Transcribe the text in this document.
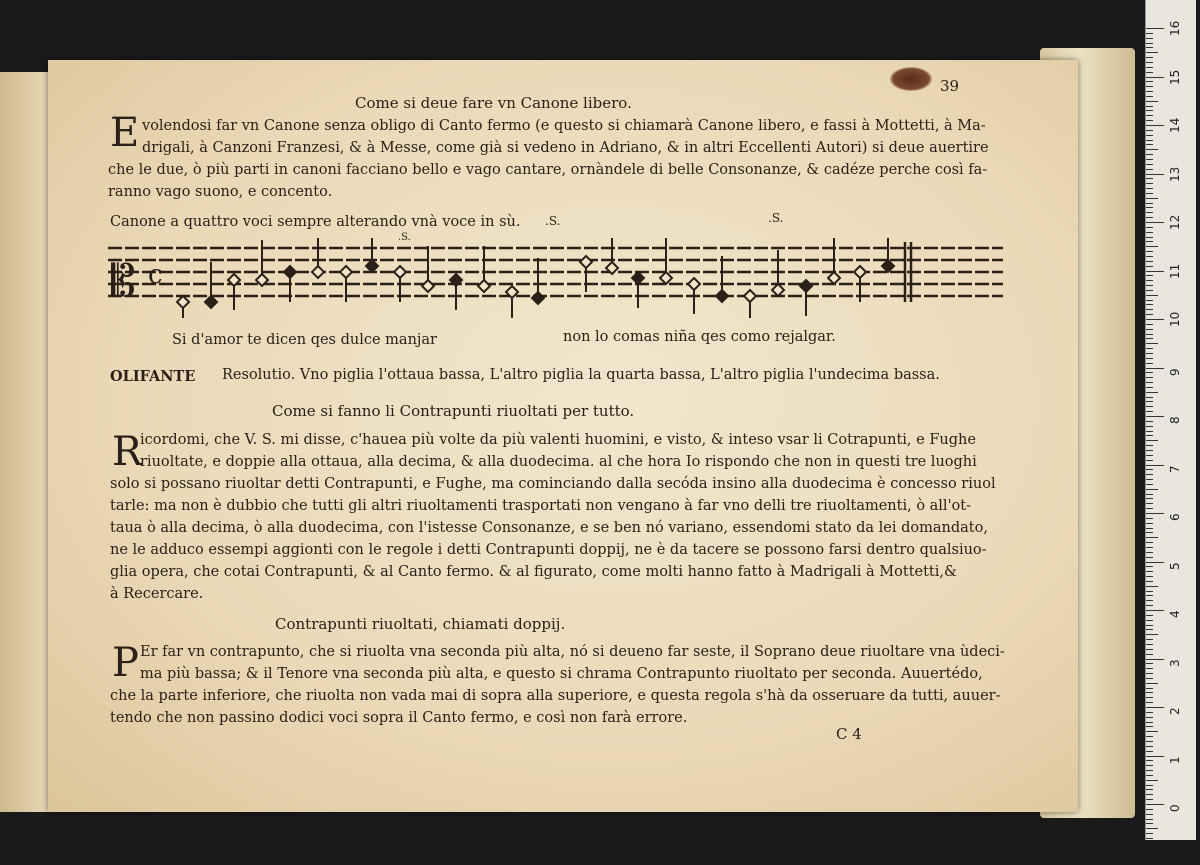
16
15
14
13
12
11
10
9
8
7
6
5
4
3
2
1
0
39
Come si deue fare vn Canone libero.
E volendosi far vn Canone senza obligo di Canto fermo (e questo si chiamarà Canone libero, e fassi à Mottetti, à Ma-
drigali, à Canzoni Franzesi, & à Messe, come già si vedeno in Adriano, & in altri Eccellenti Autori) si deue auertire
che le due, ò più parti in canoni facciano bello e vago cantare, ornàndele di belle Consonanze, & cadéze perche così fa-
ranno vago suono, e concento.
Canone a quattro voci sempre alterando vnà voce in sù. .S.
.S.
.S.
𝄡 c
Si d'amor te dicen qes dulce manjar	non lo comas niña qes como rejalgar.
OLIFANTE Resolutio. Vno piglia l'ottaua bassa, L'altro piglia la quarta bassa, L'altro piglia l'undecima bassa.
Come si fanno li Contrapunti riuoltati per tutto.
R
icordomi, che V. S. mi disse, c'hauea più volte da più valenti huomini, e visto, & inteso vsar li Cotrapunti, e Fughe
riuoltate, e doppie alla ottaua, alla decima, & alla duodecima. al che hora Io rispondo che non in questi tre luoghi
solo si possano riuoltar detti Contrapunti, e Fughe, ma cominciando dalla secóda insino alla duodecima è concesso riuol
tarle: ma non è dubbio che tutti gli altri riuoltamenti trasportati non vengano à far vno delli tre riuoltamenti, ò all'ot-
taua ò alla decima, ò alla duodecima, con l'istesse Consonanze, e se ben nó variano, essendomi stato da lei domandato,
ne le adduco essempi aggionti con le regole i detti Contrapunti doppij, ne è da tacere se possono farsi dentro qualsiuo-
glia opera, che cotai Contrapunti, & al Canto fermo. & al figurato, come molti hanno fatto à Madrigali à Mottetti,&
à Recercare.
Contrapunti riuoltati, chiamati doppij.
P Er far vn contrapunto, che si riuolta vna seconda più alta, nó si deueno far seste, il Soprano deue riuoltare vna ùdeci-
ma più bassa; & il Tenore vna seconda più alta, e questo si chrama Contrapunto riuoltato per seconda. Auuertédo,
che la parte inferiore, che riuolta non vada mai di sopra alla superiore, e questa regola s'hà da osseruare da tutti, auuer-
tendo che non passino dodici voci sopra il Canto fermo, e così non farà errore.
C 4
